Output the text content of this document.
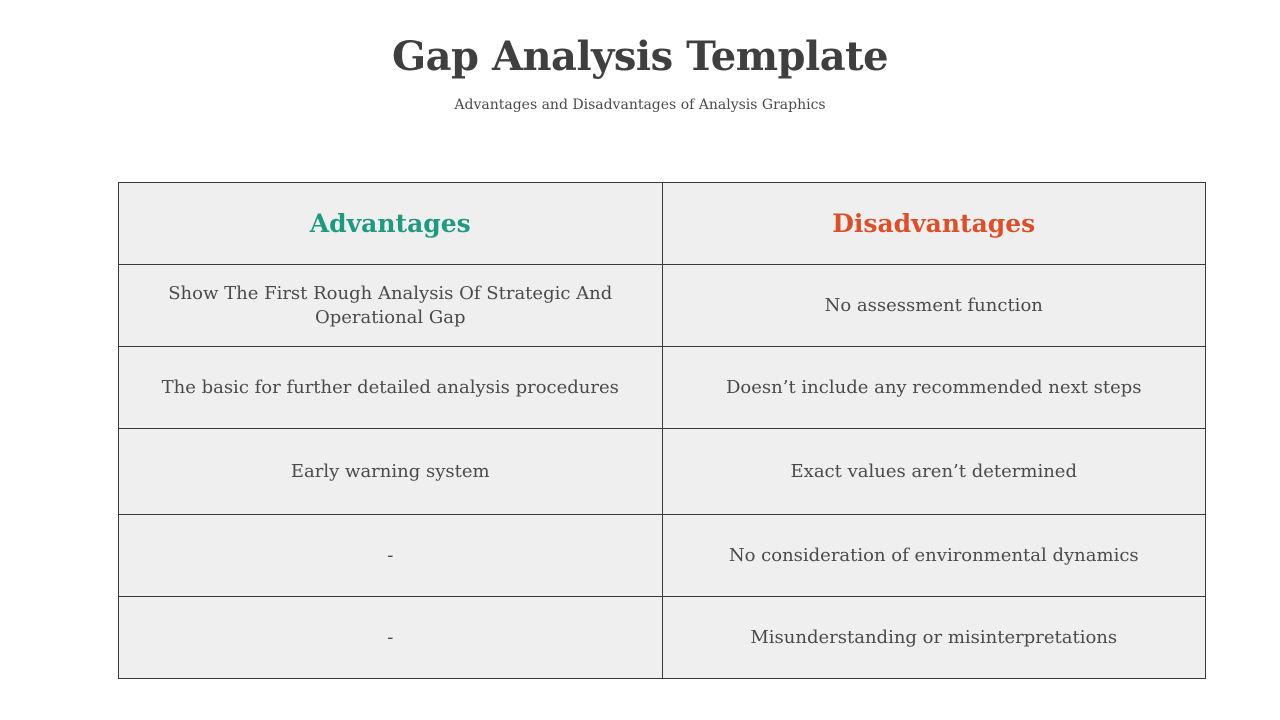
Gap Analysis Template
Advantages and Disadvantages of Analysis Graphics
Advantages	Disadvantages
Show The First Rough Analysis Of Strategic And Operational Gap	No assessment function
The basic for further detailed analysis procedures	Doesn’t include any recommended next steps
Early warning system	Exact values aren’t determined
-	No consideration of environmental dynamics
-	Misunderstanding or misinterpretations
